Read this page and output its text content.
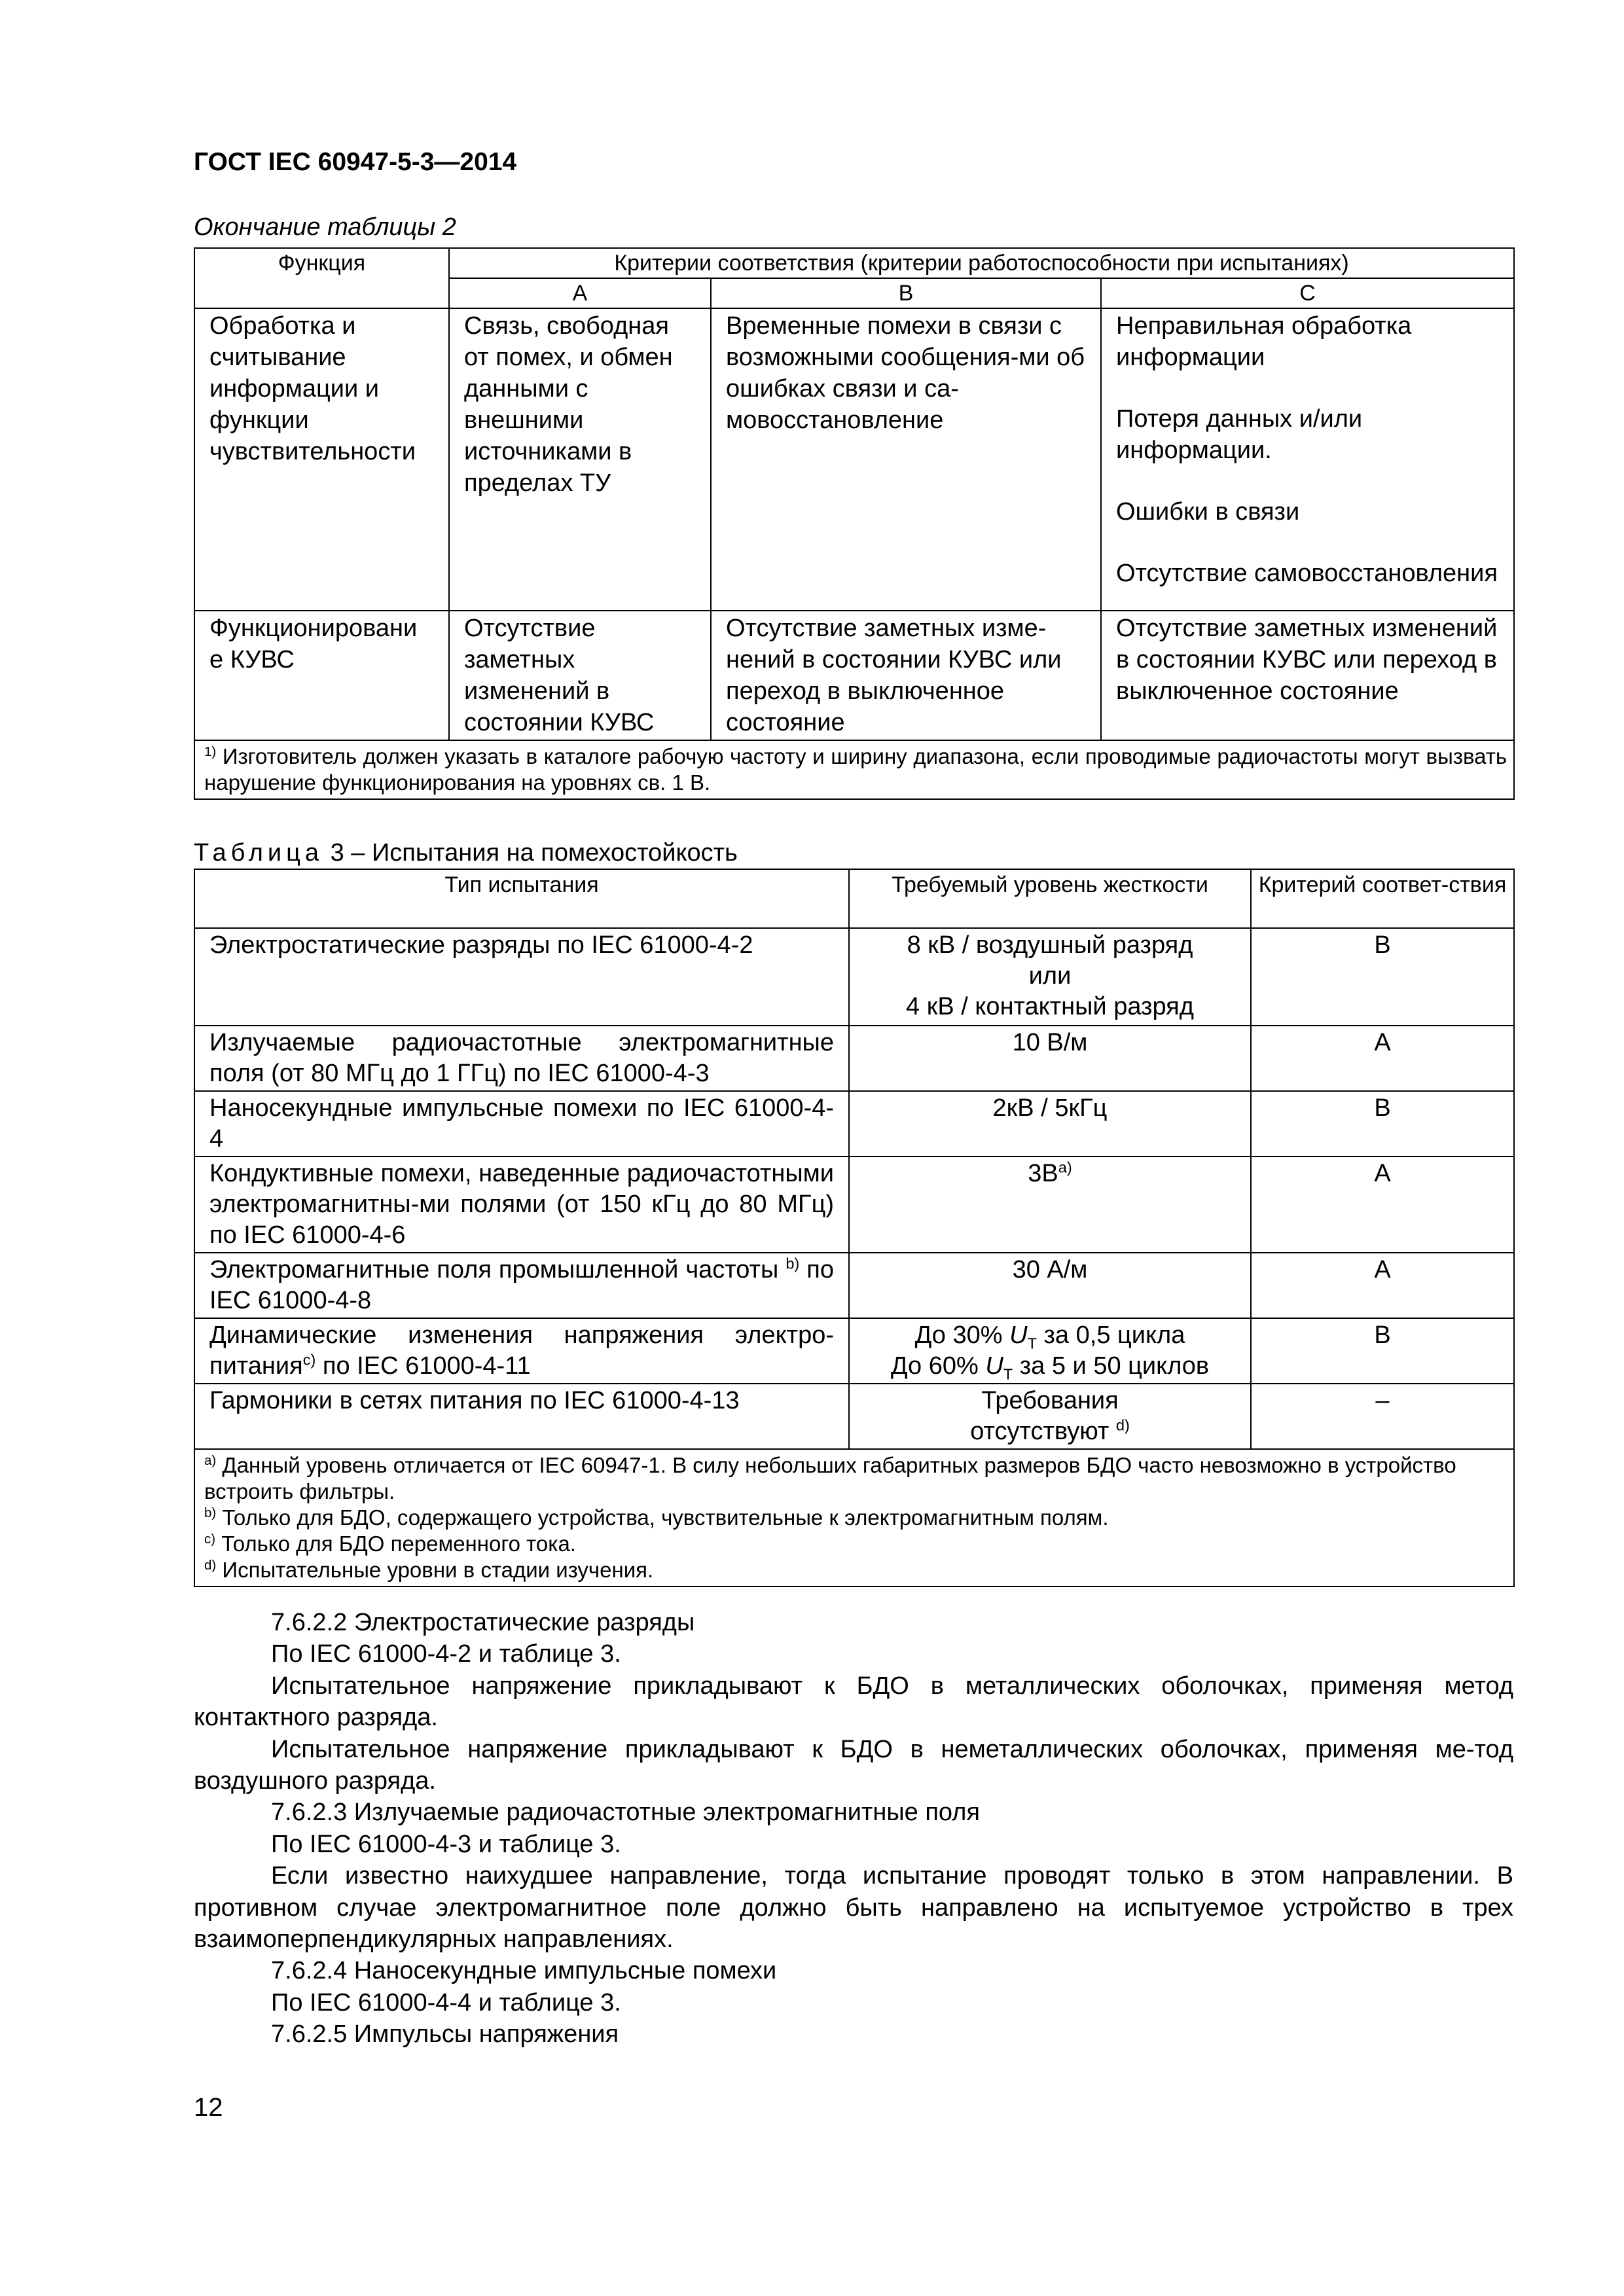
ГОСТ IEC 60947-5-3—2014
Окончание таблицы 2
Функция	Критерии соответствия (критерии работоспособности при испытаниях)		
	А	В	С
Обработка и считывание информации и функции чувствительности	Связь, свободная от помех, и обмен данными с внешними источниками в пределах ТУ	Временные помехи в связи с возможными сообщения-ми об ошибках связи и са-мовосстановление	Неправильная обработка информации

Потеря данных и/или информации.

Ошибки в связи

Отсутствие самовосстановления

Функционировани е КУВС	Отсутствие заметных изменений в состоянии КУВС	Отсутствие заметных изме-нений в состоянии КУВС или переход в выключенное состояние	Отсутствие заметных изменений в состоянии КУВС или переход в выключенное состояние
$^{1)}$ Изготовитель должен указать в каталоге рабочую частоту и ширину диапазона, если проводимые радиочастоты могут вызвать нарушение функционирования на уровнях св. 1 В.			
Таблица 3 – Испытания на помехостойкость
Тип испытания	Требуемый уровень жесткости	Критерий соответ-ствия
Электростатические разряды по IEC 61000-4-2	8 кВ / воздушный разряд
или
4 кВ / контактный разряд	В
Излучаемые радиочастотные электромагнитные поля (от 80 МГц до 1 ГГц) по IEC 61000-4-3	10 В/м	А
Наносекундные импульсные помехи по IEC 61000-4-4	2кВ / 5кГц	В
Кондуктивные помехи, наведенные радиочастотными электромагнитны-ми полями (от 150 кГц до 80 МГц) по IEC 61000-4-6	$3В^{a)}$	А
Электромагнитные поля промышленной частоты $^{b)}$ по IEC 61000-4-8	30 А/м	А
Динамические изменения напряжения электро-питания$^{c)}$ по IEC 61000-4-11	До 30% $U_Т$ за 0,5 цикла
До 60% $U_Т$ за 5 и 50 циклов	В
Гармоники в сетях питания по IEC 61000-4-13	Требования
отсутствуют $^{d)}$	–

$^{a)}$ Данный уровень отличается от IEC 60947-1. В силу небольших габаритных размеров БДО часто невозможно в устройство встроить фильтры.

$^{b)}$ Только для БДО, содержащего устройства, чувствительные к электромагнитным полям.

$^{c)}$ Только для БДО переменного тока.

$^{d)}$ Испытательные уровни в стадии изучения.		

7.6.2.2 Электростатические разряды

По IEC 61000-4-2 и таблице 3.

Испытательное напряжение прикладывают к БДО в металлических оболочках, применяя метод контактного разряда.

Испытательное напряжение прикладывают к БДО в неметаллических оболочках, применяя ме-тод воздушного разряда.

7.6.2.3 Излучаемые радиочастотные электромагнитные поля

По IEC 61000-4-3 и таблице 3.

Если известно наихудшее направление, тогда испытание проводят только в этом направлении. В противном случае электромагнитное поле должно быть направлено на испытуемое устройство в трех взаимоперпендикулярных направлениях.

7.6.2.4 Наносекундные импульсные помехи

По IEC 61000-4-4 и таблице 3.

7.6.2.5 Импульсы напряжения

12
